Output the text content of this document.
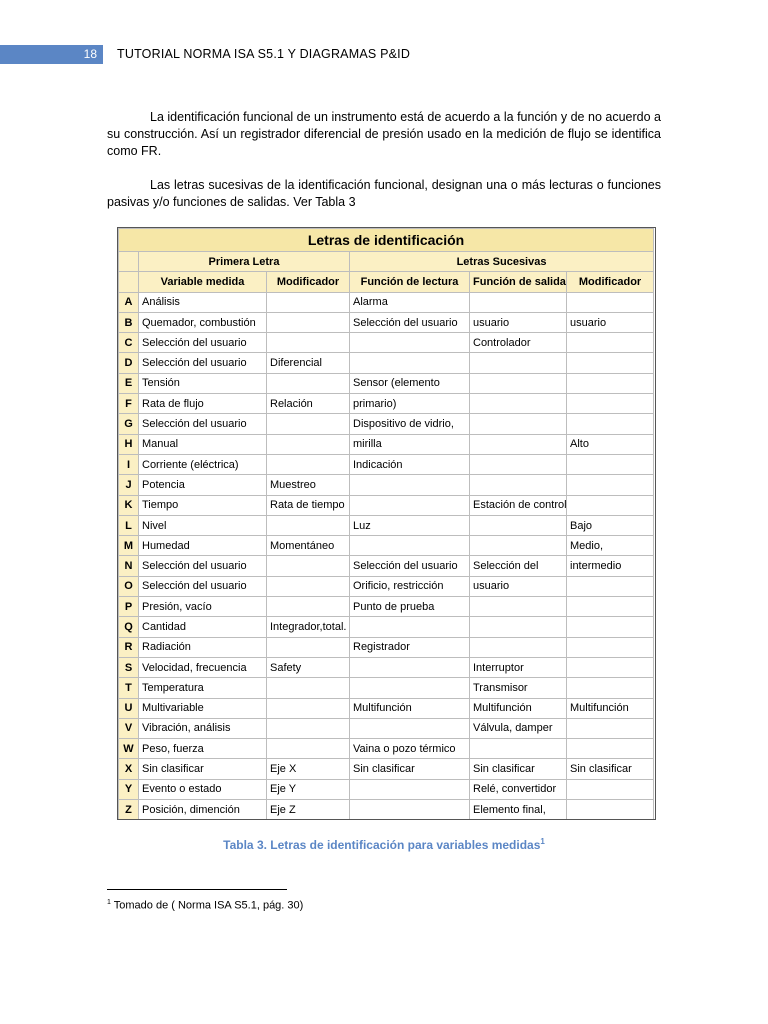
18	TUTORIAL NORMA ISA S5.1 Y DIAGRAMAS P&ID

La identificación funcional de un instrumento está de acuerdo a la función y de no acuerdo a su construcción. Así un registrador diferencial de presión usado en la medición de flujo se identifica como FR.

Las letras sucesivas de la identificación funcional, designan una o más lecturas o funciones pasivas y/o funciones de salidas. Ver Tabla 3

Letras de identificación					
	Primera Letra		Letras Sucesivas		
	Variable medida	Modificador	Función de lectura	Función de salida	Modificador
A	Análisis		Alarma		
B	Quemador, combustión		Selección del usuario	usuario	usuario
C	Selección del usuario			Controlador	
D	Selección del usuario	Diferencial			
E	Tensión		Sensor (elemento		
F	Rata de flujo	Relación	primario)		
G	Selección del usuario		Dispositivo de vidrio,		
H	Manual		mirilla		Alto
I	Corriente (eléctrica)		Indicación		
J	Potencia	Muestreo			
K	Tiempo	Rata de tiempo		Estación de control	
L	Nivel		Luz		Bajo
M	Humedad	Momentáneo			Medio,
N	Selección del usuario		Selección del usuario	Selección del	intermedio
O	Selección del usuario		Orificio, restricción	usuario	
P	Presión, vacío		Punto de prueba		
Q	Cantidad	Integrador,total.			
R	Radiación		Registrador		
S	Velocidad, frecuencia	Safety		Interruptor	
T	Temperatura			Transmisor	
U	Multivariable		Multifunción	Multifunción	Multifunción
V	Vibración, análisis			Válvula, damper	
W	Peso, fuerza		Vaina o pozo térmico		
X	Sin clasificar	Eje X	Sin clasificar	Sin clasificar	Sin clasificar
Y	Evento o estado	Eje Y		Relé, convertidor	
Z	Posición, dimención	Eje Z		Elemento final,	
Tabla 3. Letras de identificación para variables medidas$^1$
$^1$ Tomado de ( Norma ISA S5.1, pág. 30)
